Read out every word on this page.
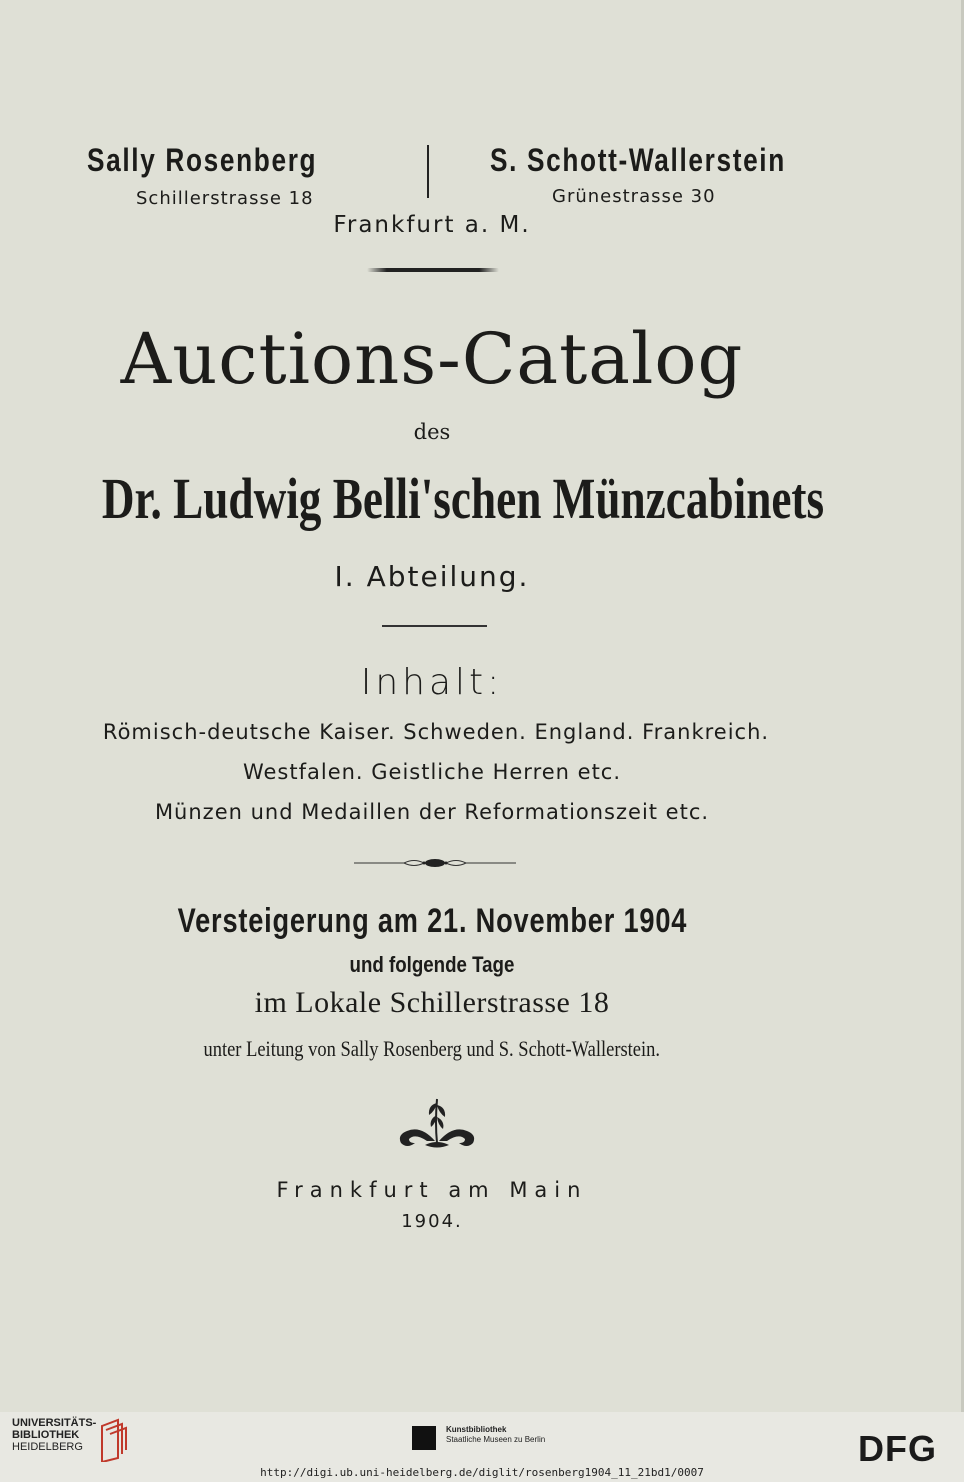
Sally Rosenberg
Schillerstrasse 18
S. Schott-Wallerstein
Grünestrasse 30
Frankfurt a. M.
Auctions-Catalog
des
Dr. Ludwig Belli'schen Münzcabinets
I. Abteilung.
Inhalt:
Römisch-deutsche Kaiser. Schweden. England. Frankreich.
Westfalen. Geistliche Herren etc.
Münzen und Medaillen der Reformationszeit etc.
Versteigerung am 21. November 1904
und folgende Tage
im Lokale Schillerstrasse 18
unter Leitung von Sally Rosenberg und S. Schott-Wallerstein.
Frankfurt am Main
1904.
UNIVERSITÄTS-
BIBLIOTHEK
HEIDELBERG
Kunstbibliothek
Staatliche Museen zu Berlin	DFG
http://digi.ub.uni-heidelberg.de/diglit/rosenberg1904_11_21bd1/0007
